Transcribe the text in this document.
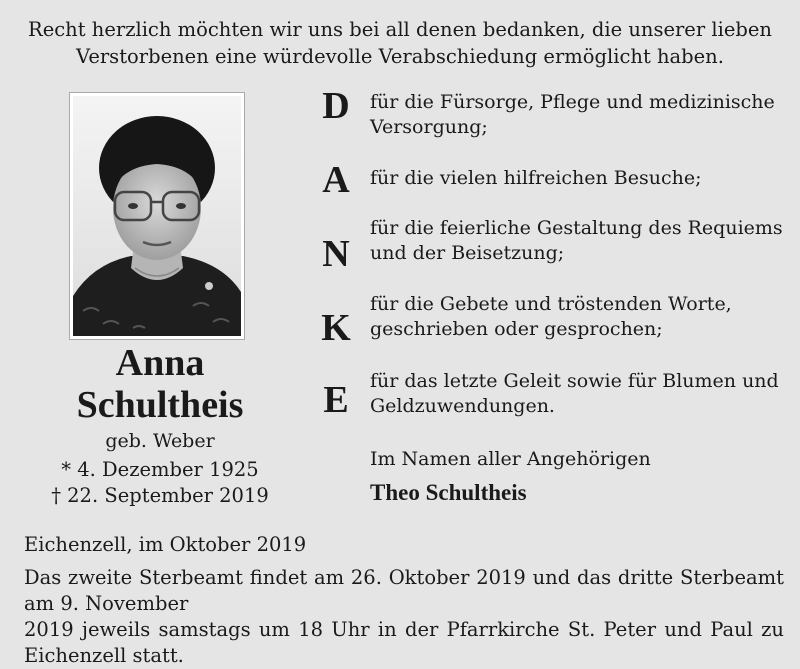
Recht herzlich möchten wir uns bei all denen bedanken, die unserer lieben
Verstorbenen eine würdevolle Verabschiedung ermöglicht haben.
Anna
Schultheis
geb. Weber
* 4. Dezember 1925
† 22. September 2019
D für die Fürsorge, Pflege und medizinische
Versorgung;
A für die vielen hilfreichen Besuche;
N
für die feierliche Gestaltung des Requiems
und der Beisetzung;
K
für die Gebete und tröstenden Worte,
geschrieben oder gesprochen;
E für das letzte Geleit sowie für Blumen und
Geldzuwendungen.
Im Namen aller Angehörigen
Theo Schultheis
Eichenzell, im Oktober 2019
Das zweite Sterbeamt findet am 26. Oktober 2019 und das dritte Sterbeamt am 9. November
2019 jeweils samstags um 18 Uhr in der Pfarrkirche St. Peter und Paul zu Eichenzell statt.
